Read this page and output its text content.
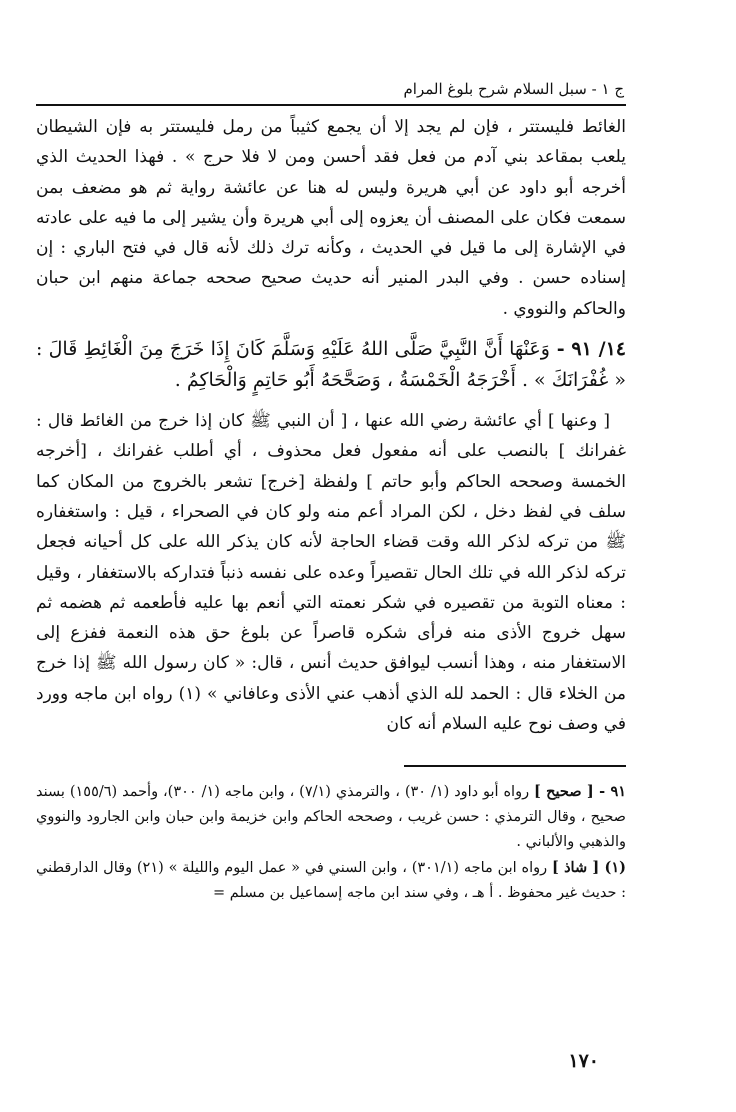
ج ١ - سبل السلام شرح بلوغ المرام

الغائط فليستتر ، فإن لم يجد إلا أن يجمع كثيباً من رمل فليستتر به فإن الشيطان يلعب بمقاعد بني آدم من فعل فقد أحسن ومن لا فلا حرج » . فهذا الحديث الذي أخرجه أبو داود عن أبي هريرة وليس له هنا عن عائشة رواية ثم هو مضعف بمن سمعت فكان على المصنف أن يعزوه إلى أبي هريرة وأن يشير إلى ما فيه على عادته في الإشارة إلى ما قيل في الحديث ، وكأنه ترك ذلك لأنه قال في فتح الباري : إن إسناده حسن . وفي البدر المنير أنه حديث صحيح صححه جماعة منهم ابن حبان والحاكم والنووي .

١٤/ ٩١ - وَعَنْهَا أَنَّ النَّبِيَّ صَلَّى اللهُ عَلَيْهِ وَسَلَّمَ كَانَ إِذَا خَرَجَ مِنَ الْغَائِطِ قَالَ : « غُفْرَانَكَ » . أَخْرَجَهُ الْخَمْسَةُ ، وَصَحَّحَهُ أَبُو حَاتِمٍ وَالْحَاكِمُ .

[ وعنها ] أي عائشة رضي الله عنها ، [ أن النبي ﷺ كان إذا خرج من الغائط قال : غفرانك ] بالنصب على أنه مفعول فعل محذوف ، أي أطلب غفرانك ، [أخرجه الخمسة وصححه الحاكم وأبو حاتم ] ولفظة [خرج] تشعر بالخروج من المكان كما سلف في لفظ دخل ، لكن المراد أعم منه ولو كان في الصحراء ، قيل : واستغفاره ﷺ من تركه لذكر الله وقت قضاء الحاجة لأنه كان يذكر الله على كل أحيانه فجعل تركه لذكر الله في تلك الحال تقصيراً وعده على نفسه ذنباً فتداركه بالاستغفار ، وقيل : معناه التوبة من تقصيره في شكر نعمته التي أنعم بها عليه فأطعمه ثم هضمه ثم سهل خروج الأذى منه فرأى شكره قاصراً عن بلوغ حق هذه النعمة ففزع إلى الاستغفار منه ، وهذا أنسب ليوافق حديث أنس ، قال: « كان رسول الله ﷺ إذا خرج من الخلاء قال : الحمد لله الذي أذهب عني الأذى وعافاني » (١) رواه ابن ماجه وورد في وصف نوح عليه السلام أنه كان

٩١ - [ صحيح ] رواه أبو داود (١/ ٣٠) ، والترمذي (٧/١) ، وابن ماجه (١/ ٣٠٠)، وأحمد (١٥٥/٦) بسند صحيح ، وقال الترمذي : حسن غريب ، وصححه الحاكم وابن خزيمة وابن حبان وابن الجارود والنووي والذهبي والألباني .

(١) [ شاذ ] رواه ابن ماجه (٣٠١/١) ، وابن السني في « عمل اليوم والليلة » (٢١) وقال الدارقطني : حديث غير محفوظ . أ هـ ، وفي سند ابن ماجه إسماعيل بن مسلم =

١٧٠
